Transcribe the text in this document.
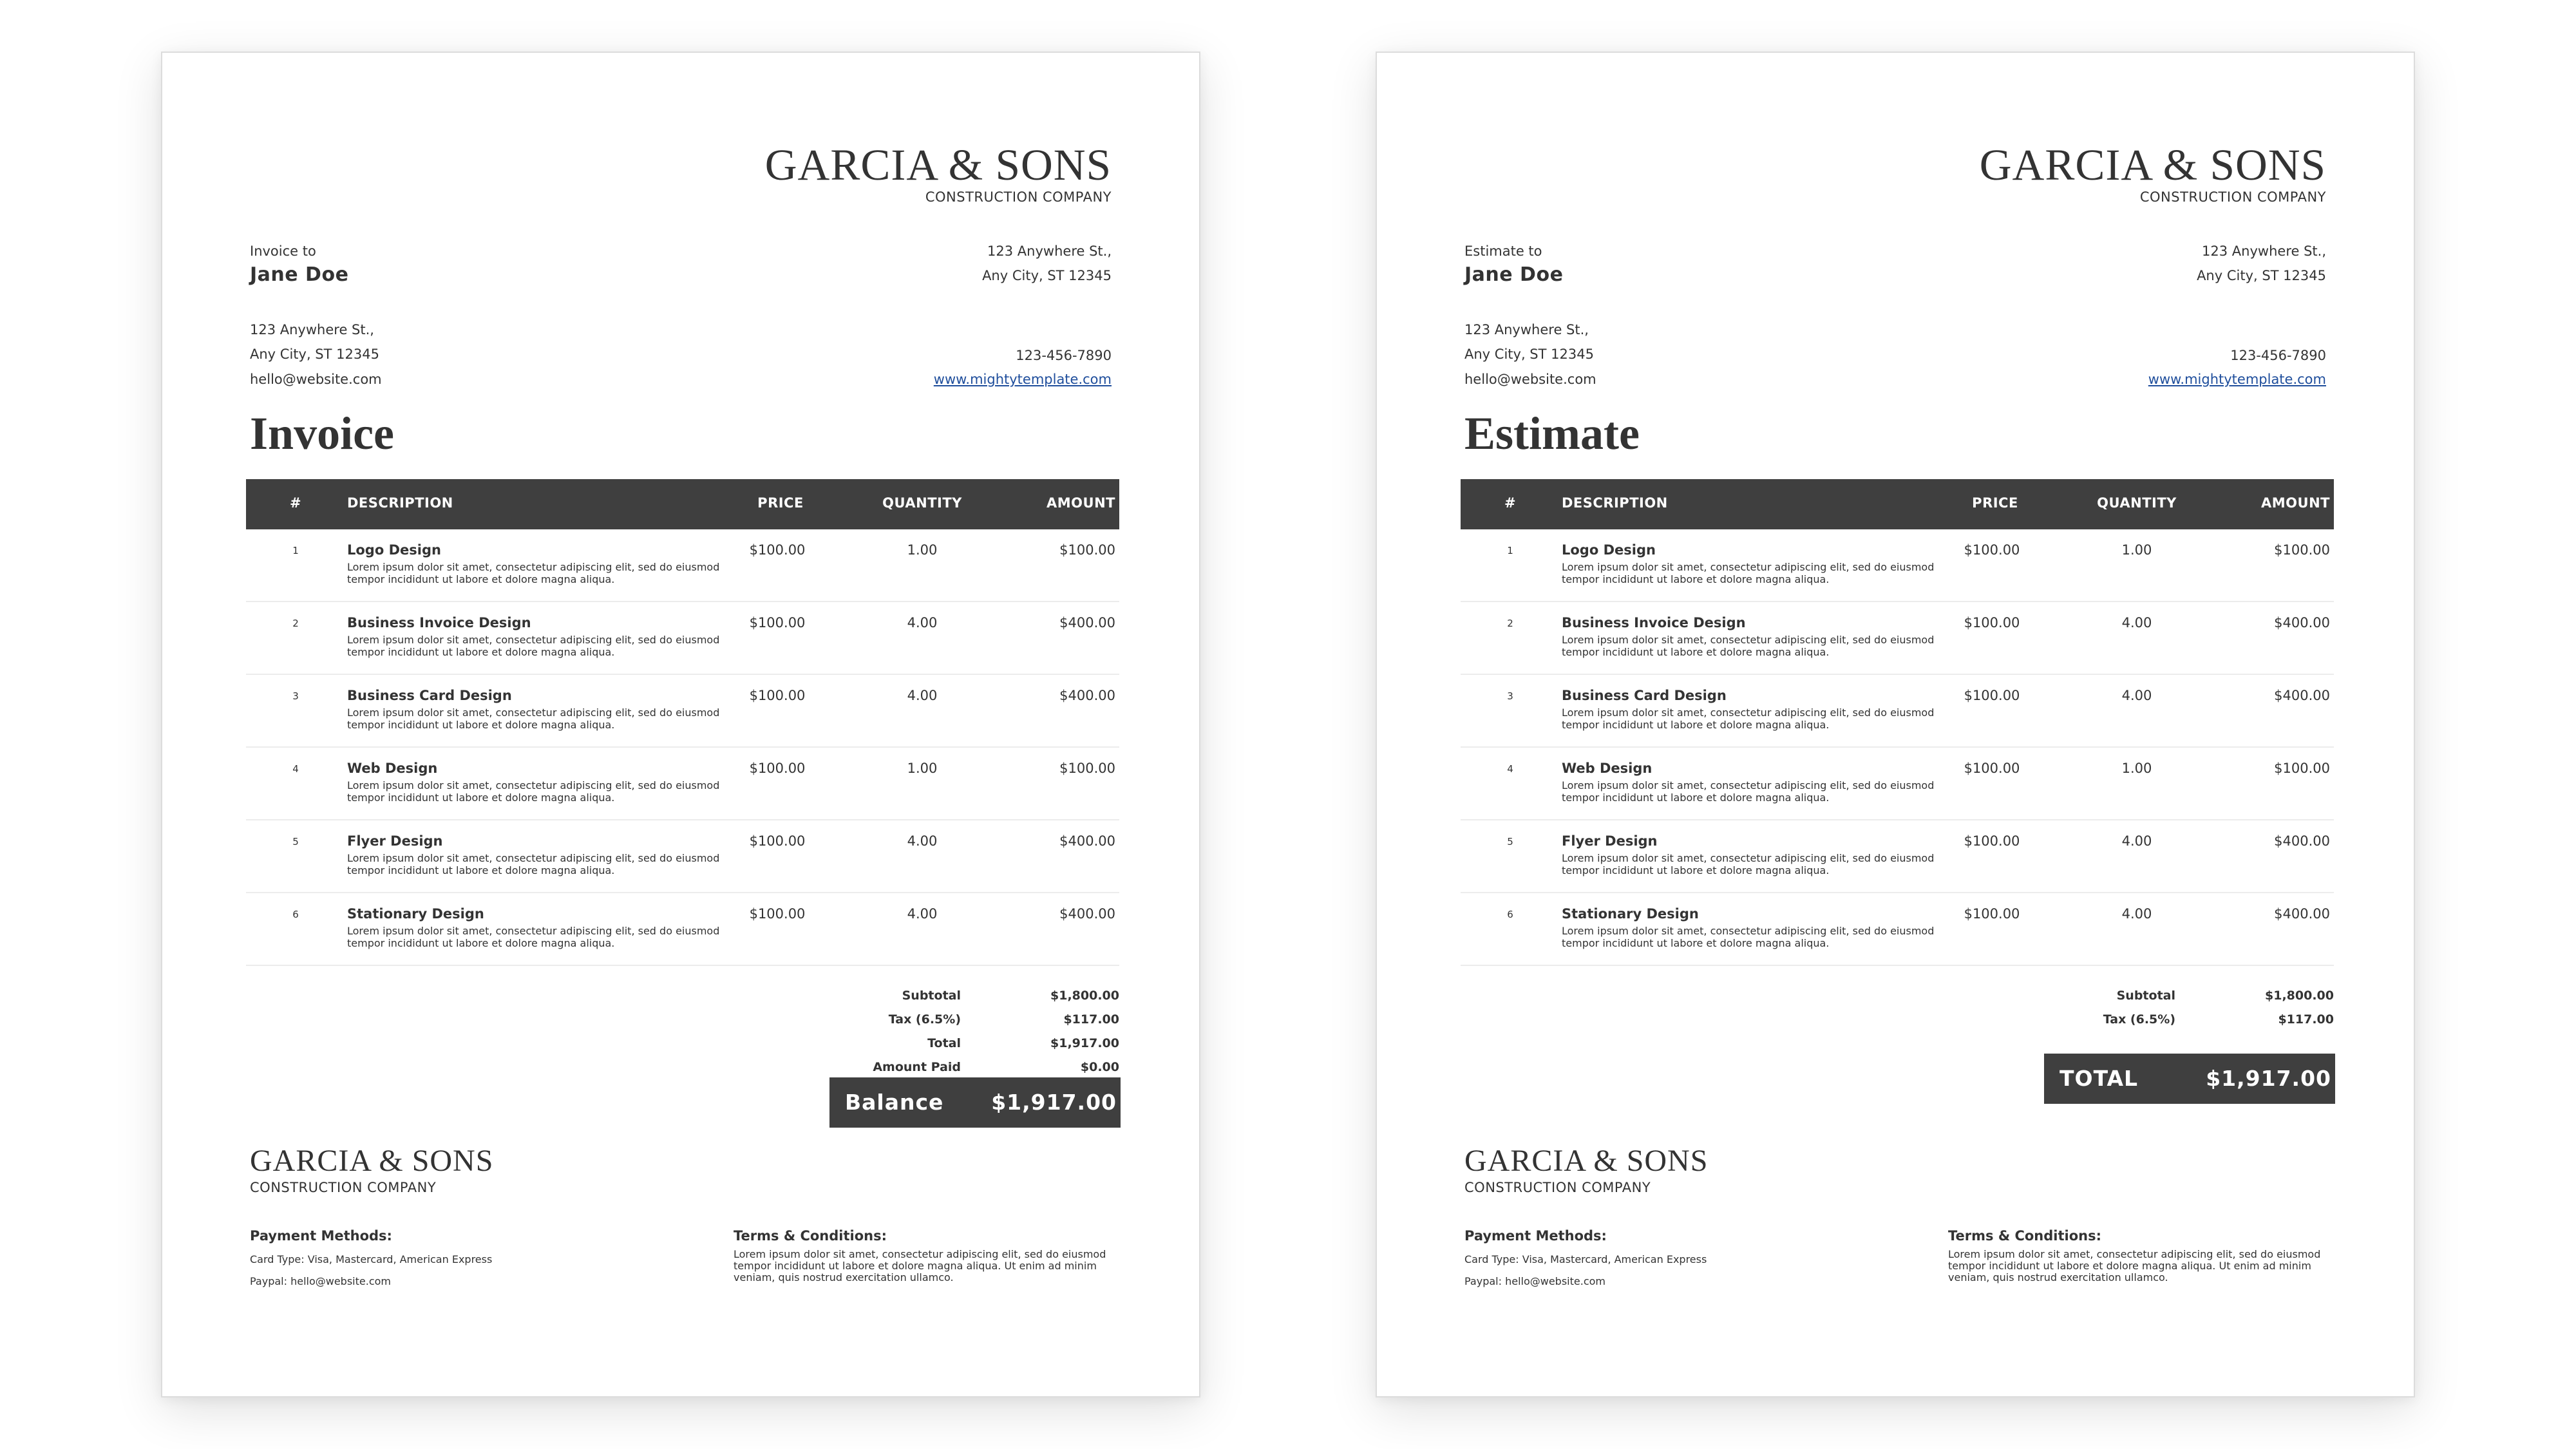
GARCIA & SONS
CONSTRUCTION COMPANY
Invoice to
Jane Doe
123 Anywhere St.,
Any City, ST 12345
hello@website.com
123 Anywhere St.,
Any City, ST 12345
123-456-7890
www.mightytemplate.com
Invoice
#	DESCRIPTION	PRICE	QUANTITY	AMOUNT
1	Logo Design
Lorem ipsum dolor sit amet, consectetur adipiscing elit, sed do eiusmod tempor incididunt ut labore et dolore magna aliqua.
$100.00	1.00	$100.00
2	Business Invoice Design
Lorem ipsum dolor sit amet, consectetur adipiscing elit, sed do eiusmod tempor incididunt ut labore et dolore magna aliqua.
$100.00	4.00	$400.00
3	Business Card Design
Lorem ipsum dolor sit amet, consectetur adipiscing elit, sed do eiusmod tempor incididunt ut labore et dolore magna aliqua.
$100.00	4.00	$400.00
4	Web Design
Lorem ipsum dolor sit amet, consectetur adipiscing elit, sed do eiusmod tempor incididunt ut labore et dolore magna aliqua.
$100.00	1.00	$100.00
5	Flyer Design
Lorem ipsum dolor sit amet, consectetur adipiscing elit, sed do eiusmod tempor incididunt ut labore et dolore magna aliqua.
$100.00	4.00	$400.00
6	Stationary Design
Lorem ipsum dolor sit amet, consectetur adipiscing elit, sed do eiusmod tempor incididunt ut labore et dolore magna aliqua.
$100.00	4.00	$400.00
Subtotal	$1,800.00
Tax (6.5%)	$117.00
Total	$1,917.00
Amount Paid	$0.00
Balance $1,917.00
GARCIA & SONS
CONSTRUCTION COMPANY
Payment Methods:
Card Type: Visa, Mastercard, American Express
Paypal: hello@website.com
Terms & Conditions:
Lorem ipsum dolor sit amet, consectetur adipiscing elit, sed do eiusmod tempor incididunt ut labore et dolore magna aliqua. Ut enim ad minim veniam, quis nostrud exercitation ullamco.
GARCIA & SONS
CONSTRUCTION COMPANY
Estimate to
Jane Doe
123 Anywhere St.,
Any City, ST 12345
hello@website.com
123 Anywhere St.,
Any City, ST 12345
123-456-7890
www.mightytemplate.com
Estimate
#	DESCRIPTION	PRICE	QUANTITY	AMOUNT
1	Logo Design
Lorem ipsum dolor sit amet, consectetur adipiscing elit, sed do eiusmod tempor incididunt ut labore et dolore magna aliqua.
$100.00	1.00	$100.00
2	Business Invoice Design
Lorem ipsum dolor sit amet, consectetur adipiscing elit, sed do eiusmod tempor incididunt ut labore et dolore magna aliqua.
$100.00	4.00	$400.00
3	Business Card Design
Lorem ipsum dolor sit amet, consectetur adipiscing elit, sed do eiusmod tempor incididunt ut labore et dolore magna aliqua.
$100.00	4.00	$400.00
4	Web Design
Lorem ipsum dolor sit amet, consectetur adipiscing elit, sed do eiusmod tempor incididunt ut labore et dolore magna aliqua.
$100.00	1.00	$100.00
5	Flyer Design
Lorem ipsum dolor sit amet, consectetur adipiscing elit, sed do eiusmod tempor incididunt ut labore et dolore magna aliqua.
$100.00	4.00	$400.00
6	Stationary Design
Lorem ipsum dolor sit amet, consectetur adipiscing elit, sed do eiusmod tempor incididunt ut labore et dolore magna aliqua.
$100.00	4.00	$400.00
Subtotal	$1,800.00
Tax (6.5%)	$117.00
TOTAL	$1,917.00
GARCIA & SONS
CONSTRUCTION COMPANY
Payment Methods:
Card Type: Visa, Mastercard, American Express
Paypal: hello@website.com
Terms & Conditions:
Lorem ipsum dolor sit amet, consectetur adipiscing elit, sed do eiusmod tempor incididunt ut labore et dolore magna aliqua. Ut enim ad minim veniam, quis nostrud exercitation ullamco.
